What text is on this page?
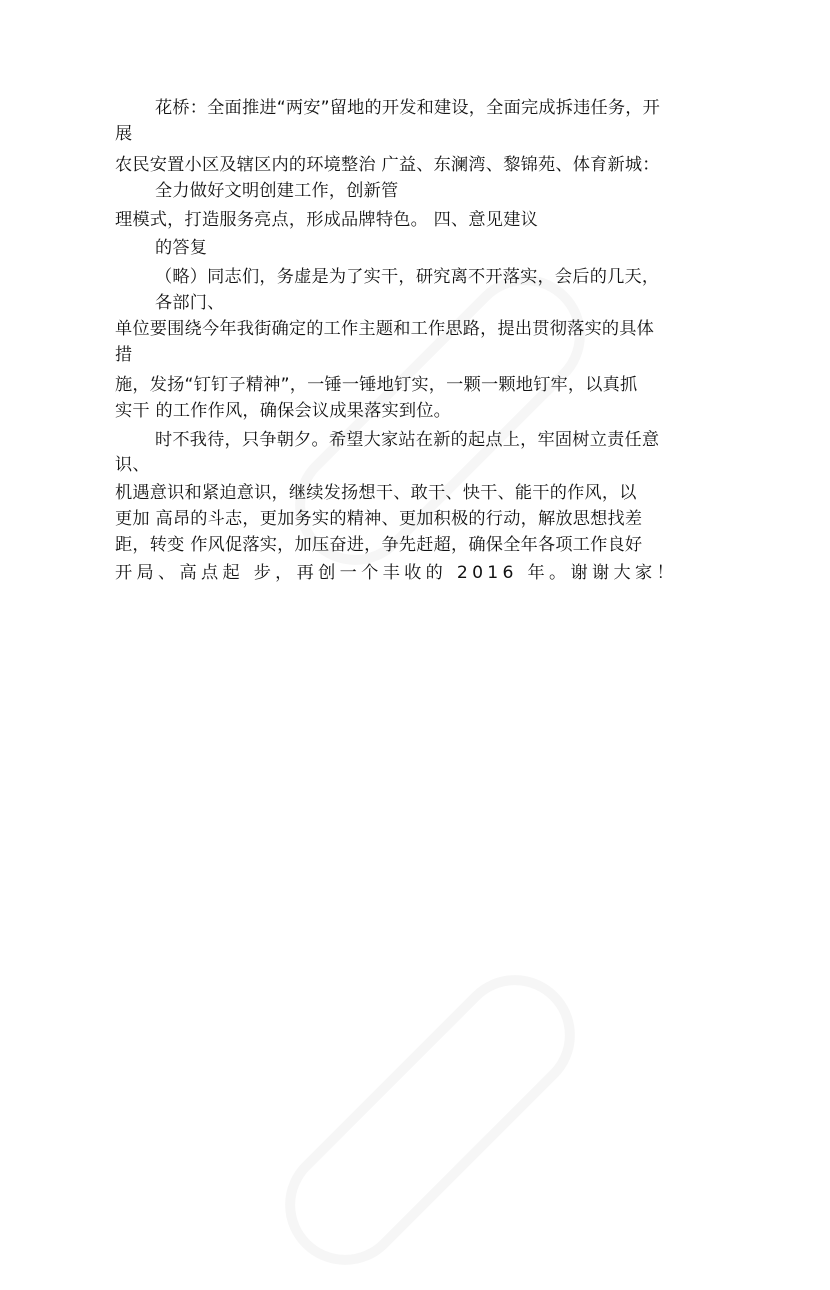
花桥：全面推进“两安”留地的开发和建设，全面完成拆违任务，开
展
农民安置小区及辖区内的环境整治 广益、东澜湾、黎锦苑、体育新城：
全力做好文明创建工作，创新管
理模式，打造服务亮点，形成品牌特色。 四、意见建议
的答复
（略）同志们，务虚是为了实干，研究离不开落实，会后的几天，
各部门、
单位要围绕今年我街确定的工作主题和工作思路，提出贯彻落实的具体
措
施，发扬“钉钉子精神”，一锤一锤地钉实，一颗一颗地钉牢，以真抓
实干 的工作作风，确保会议成果落实到位。
时不我待，只争朝夕。希望大家站在新的起点上，牢固树立责任意
识、
机遇意识和紧迫意识，继续发扬想干、敢干、快干、能干的作风，以
更加 高昂的斗志，更加务实的精神、更加积极的行动，解放思想找差
距，转变 作风促落实，加压奋进，争先赶超，确保全年各项工作良好
开局、高点起 步，再创一个丰收的 2016 年。谢谢大家！
